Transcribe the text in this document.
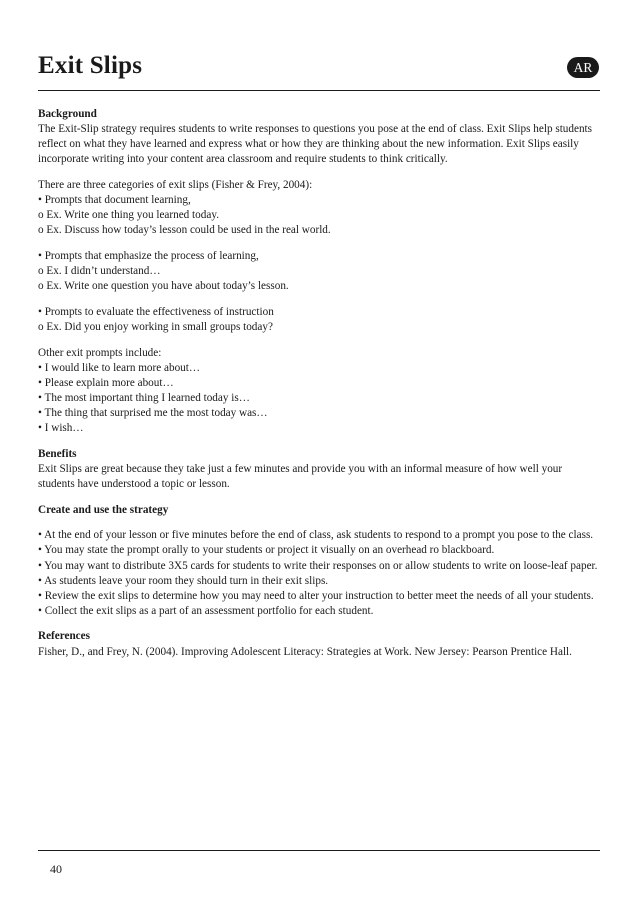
Exit Slips	AR

Background

The Exit-Slip strategy requires students to write responses to questions you pose at the end of class. Exit Slips help students reflect on what they have learned and express what or how they are thinking about the new information. Exit Slips easily incorporate writing into your content area classroom and require students to think critically.

There are three categories of exit slips (Fisher & Frey, 2004):

• Prompts that document learning,

o Ex. Write one thing you learned today.

o Ex. Discuss how today’s lesson could be used in the real world.

• Prompts that emphasize the process of learning,

o Ex. I didn’t understand…

o Ex. Write one question you have about today’s lesson.

• Prompts to evaluate the effectiveness of instruction

o Ex. Did you enjoy working in small groups today?

Other exit prompts include:

• I would like to learn more about…

• Please explain more about…

• The most important thing I learned today is…

• The thing that surprised me the most today was…

• I wish…

Benefits

Exit Slips are great because they take just a few minutes and provide you with an informal measure of how well your students have understood a topic or lesson.

Create and use the strategy

• At the end of your lesson or five minutes before the end of class, ask students to respond to a prompt you pose to the class.

• You may state the prompt orally to your students or project it visually on an overhead ro blackboard.

• You may want to distribute 3X5 cards for students to write their responses on or allow students to write on loose-leaf paper.

• As students leave your room they should turn in their exit slips.

• Review the exit slips to determine how you may need to alter your instruction to better meet the needs of all your students.

• Collect the exit slips as a part of an assessment portfolio for each student.

References

Fisher, D., and Frey, N. (2004). Improving Adolescent Literacy: Strategies at Work. New Jersey: Pearson Prentice Hall.

40
